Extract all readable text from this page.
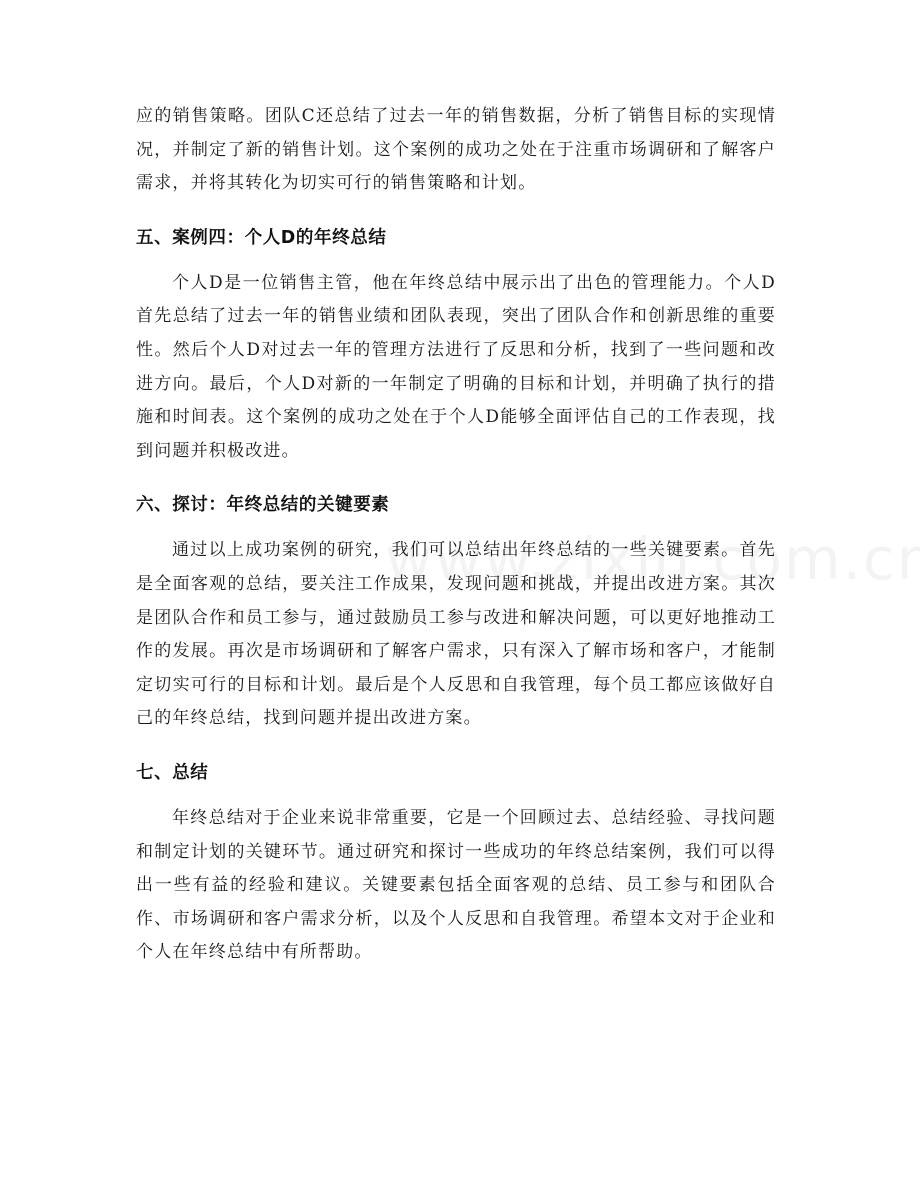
应的销售策略。团队C还总结了过去一年的销售数据，分析了销售目标的实现情况，并制定了新的销售计划。这个案例的成功之处在于注重市场调研和了解客户需求，并将其转化为切实可行的销售策略和计划。

五、案例四：个人D的年终总结

个人D是一位销售主管，他在年终总结中展示出了出色的管理能力。个人D首先总结了过去一年的销售业绩和团队表现，突出了团队合作和创新思维的重要性。然后个人D对过去一年的管理方法进行了反思和分析，找到了一些问题和改进方向。最后，个人D对新的一年制定了明确的目标和计划，并明确了执行的措施和时间表。这个案例的成功之处在于个人D能够全面评估自己的工作表现，找到问题并积极改进。

六、探讨：年终总结的关键要素

通过以上成功案例的研究，我们可以总结出年终总结的一些关键要素。首先是全面客观的总结，要关注工作成果，发现问题和挑战，并提出改进方案。其次是团队合作和员工参与，通过鼓励员工参与改进和解决问题，可以更好地推动工作的发展。再次是市场调研和了解客户需求，只有深入了解市场和客户，才能制定切实可行的目标和计划。最后是个人反思和自我管理，每个员工都应该做好自己的年终总结，找到问题并提出改进方案。

七、总结

年终总结对于企业来说非常重要，它是一个回顾过去、总结经验、寻找问题和制定计划的关键环节。通过研究和探讨一些成功的年终总结案例，我们可以得出一些有益的经验和建议。关键要素包括全面客观的总结、员工参与和团队合作、市场调研和客户需求分析，以及个人反思和自我管理。希望本文对于企业和个人在年终总结中有所帮助。
